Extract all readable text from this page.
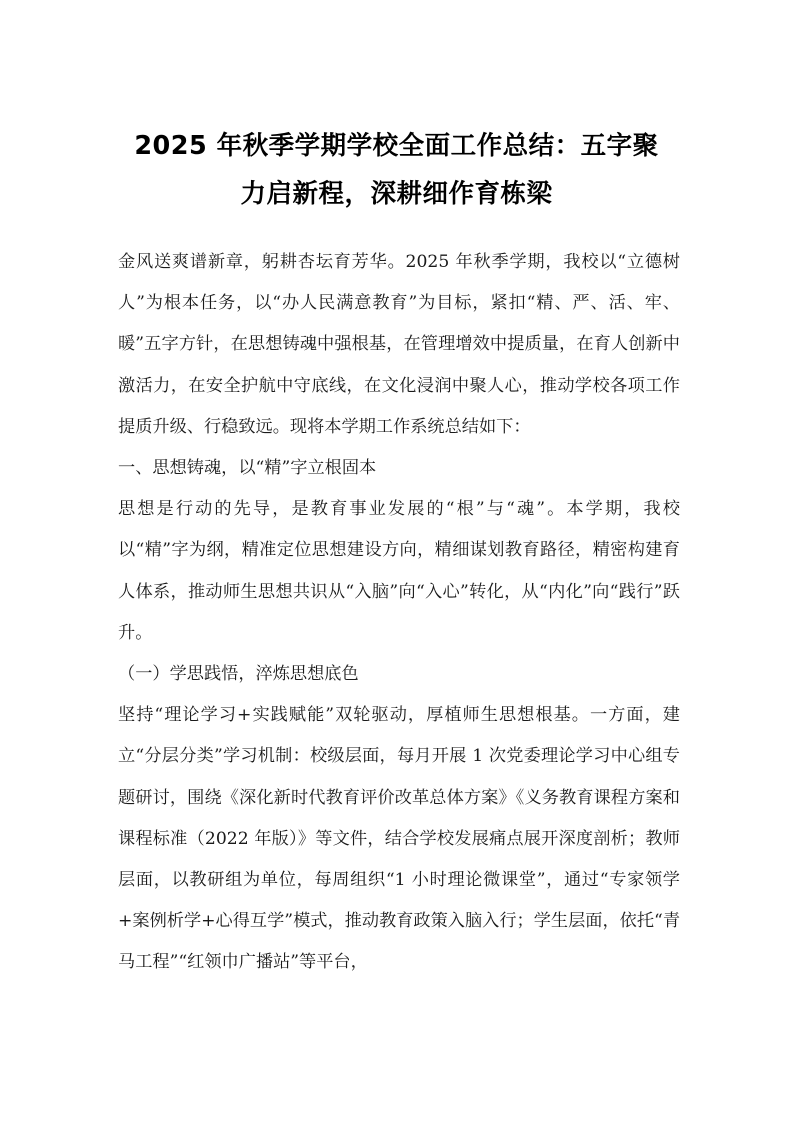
2025 年秋季学期学校全面工作总结：五字聚
力启新程，深耕细作育栋梁

金风送爽谱新章，躬耕杏坛育芳华。2025 年秋季学期，我校以“立德树人”为根本任务，以“办人民满意教育”为目标，紧扣“精、严、活、牢、暖”五字方针，在思想铸魂中强根基，在管理增效中提质量，在育人创新中激活力，在安全护航中守底线，在文化浸润中聚人心，推动学校各项工作提质升级、行稳致远。现将本学期工作系统总结如下：

一、思想铸魂，以“精”字立根固本

思想是行动的先导，是教育事业发展的“根”与“魂”。本学期，我校以“精”字为纲，精准定位思想建设方向，精细谋划教育路径，精密构建育人体系，推动师生思想共识从“入脑”向“入心”转化，从“内化”向“践行”跃升。

（一）学思践悟，淬炼思想底色

坚持“理论学习+实践赋能”双轮驱动，厚植师生思想根基。一方面，建立“分层分类”学习机制：校级层面，每月开展 1 次党委理论学习中心组专题研讨，围绕《深化新时代教育评价改革总体方案》《义务教育课程方案和课程标准（2022 年版）》等文件，结合学校发展痛点展开深度剖析；教师层面，以教研组为单位，每周组织“1 小时理论微课堂”，通过“专家领学+案例析学+心得互学”模式，推动教育政策入脑入行；学生层面，依托“青马工程”“红领巾广播站”等平台，
